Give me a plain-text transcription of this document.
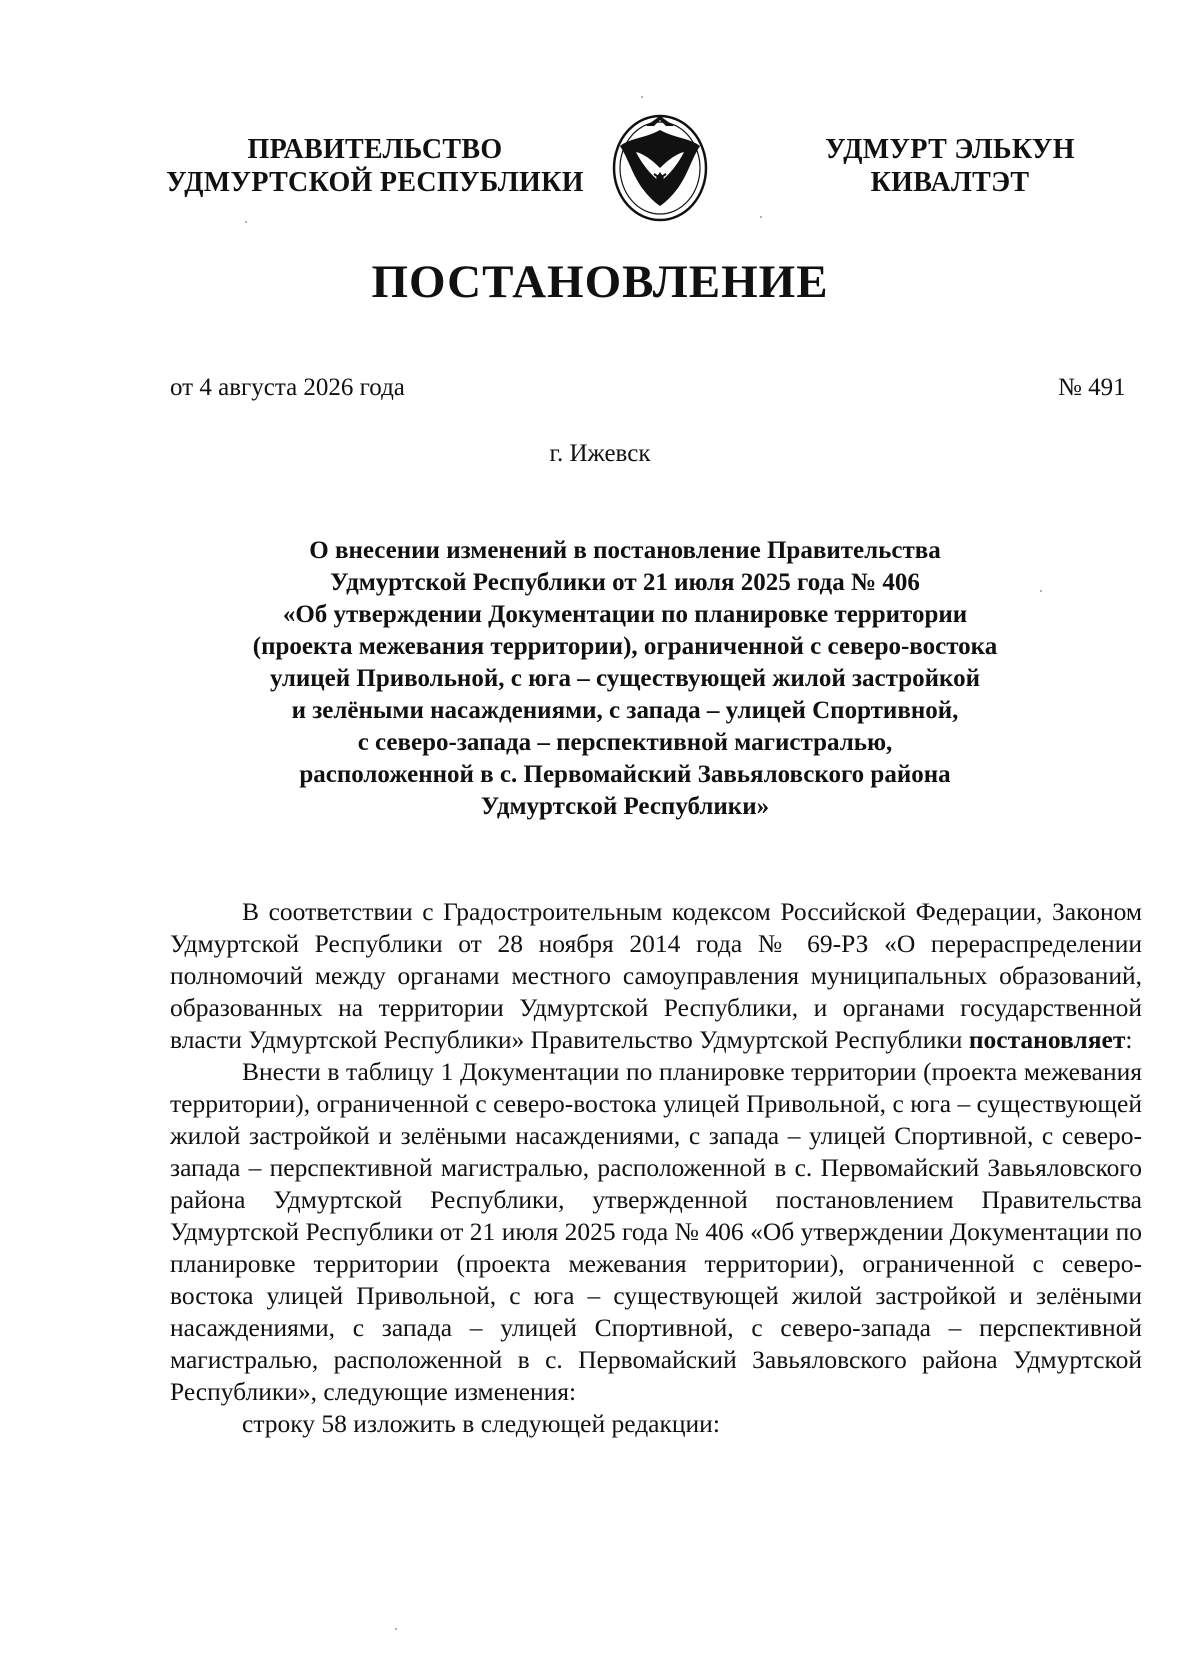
ПРАВИТЕЛЬСТВО
УДМУРТСКОЙ РЕСПУБЛИКИ
УДМУРТ ЭЛЬКУН
КИВАЛТЭТ
ПОСТАНОВЛЕНИЕ
от 4 августа 2026 года	№ 491
г. Ижевск
О внесении изменений в постановление Правительства
Удмуртской Республики от 21 июля 2025 года № 406
«Об утверждении Документации по планировке территории
(проекта межевания территории), ограниченной с северо-востока
улицей Привольной, с юга – существующей жилой застройкой
и зелёными насаждениями, с запада – улицей Спортивной,
с северо-запада – перспективной магистралью,
расположенной в с. Первомайский Завьяловского района
Удмуртской Республики»

В соответствии с Градостроительным кодексом Российской Федерации, Законом Удмуртской Республики от 28 ноября 2014 года № 69-РЗ «О перераспределении полномочий между органами местного самоуправления муниципальных образований, образованных на территории Удмуртской Республики, и органами государственной власти Удмуртской Республики» Правительство Удмуртской Республики постановляет:

Внести в таблицу 1 Документации по планировке территории (проекта межевания территории), ограниченной с северо-востока улицей Привольной, с юга – существующей жилой застройкой и зелёными насаждениями, с запада – улицей Спортивной, с северо-запада – перспективной магистралью, расположенной в с. Первомайский Завьяловского района Удмуртской Республики, утвержденной постановлением Правительства Удмуртской Республики от 21 июля 2025 года № 406 «Об утверждении Документации по планировке территории (проекта межевания территории), ограниченной с северо-востока улицей Привольной, с юга – существующей жилой застройкой и зелёными насаждениями, с запада – улицей Спортивной, с северо-запада – перспективной магистралью, расположенной в с. Первомайский Завьяловского района Удмуртской Республики», следующие изменения:

строку 58 изложить в следующей редакции:
